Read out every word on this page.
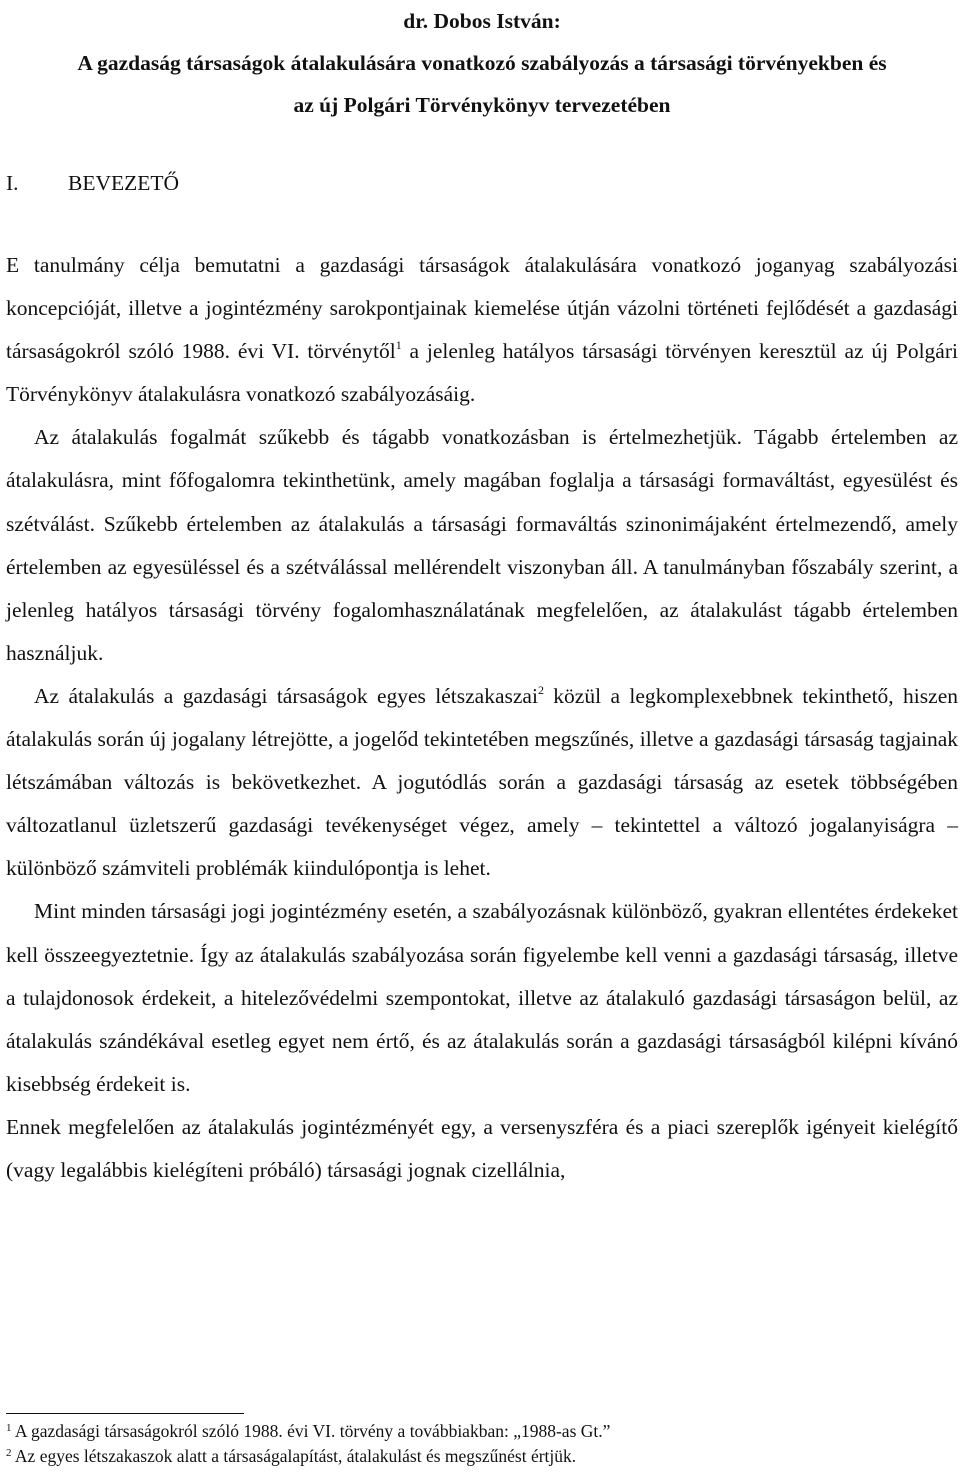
dr. Dobos István:
A gazdaság társaságok átalakulására vonatkozó szabályozás a társasági törvényekben és
az új Polgári Törvénykönyv tervezetében
I.	BEVEZETŐ

E tanulmány célja bemutatni a gazdasági társaságok átalakulására vonatkozó joganyag szabályozási koncepcióját, illetve a jogintézmény sarokpontjainak kiemelése útján vázolni történeti fejlődését a gazdasági társaságokról szóló 1988. évi VI. törvénytől$^1$ a jelenleg hatályos társasági törvényen keresztül az új Polgári Törvénykönyv átalakulásra vonatkozó szabályozásáig.

Az átalakulás fogalmát szűkebb és tágabb vonatkozásban is értelmezhetjük. Tágabb értelemben az átalakulásra, mint főfogalomra tekinthetünk, amely magában foglalja a társasági formaváltást, egyesülést és szétválást. Szűkebb értelemben az átalakulás a társasági formaváltás szinonimájaként értelmezendő, amely értelemben az egyesüléssel és a szétválással mellérendelt viszonyban áll. A tanulmányban főszabály szerint, a jelenleg hatályos társasági törvény fogalomhasználatának megfelelően, az átalakulást tágabb értelemben használjuk.

Az átalakulás a gazdasági társaságok egyes létszakaszai$^2$ közül a legkomplexebbnek tekinthető, hiszen átalakulás során új jogalany létrejötte, a jogelőd tekintetében megszűnés, illetve a gazdasági társaság tagjainak létszámában változás is bekövetkezhet. A jogutódlás során a gazdasági társaság az esetek többségében változatlanul üzletszerű gazdasági tevékenységet végez, amely – tekintettel a változó jogalanyiságra – különböző számviteli problémák kiindulópontja is lehet.

Mint minden társasági jogi jogintézmény esetén, a szabályozásnak különböző, gyakran ellentétes érdekeket kell összeegyeztetnie. Így az átalakulás szabályozása során figyelembe kell venni a gazdasági társaság, illetve a tulajdonosok érdekeit, a hitelezővédelmi szempontokat, illetve az átalakuló gazdasági társaságon belül, az átalakulás szándékával esetleg egyet nem értő, és az átalakulás során a gazdasági társaságból kilépni kívánó kisebbség érdekeit is.

Ennek megfelelően az átalakulás jogintézményét egy, a versenyszféra és a piaci szereplők igényeit kielégítő (vagy legalábbis kielégíteni próbáló) társasági jognak cizellálnia,

$^1$ A gazdasági társaságokról szóló 1988. évi VI. törvény a továbbiakban: „1988-as Gt.”
$^2$ Az egyes létszakaszok alatt a társaságalapítást, átalakulást és megszűnést értjük.
